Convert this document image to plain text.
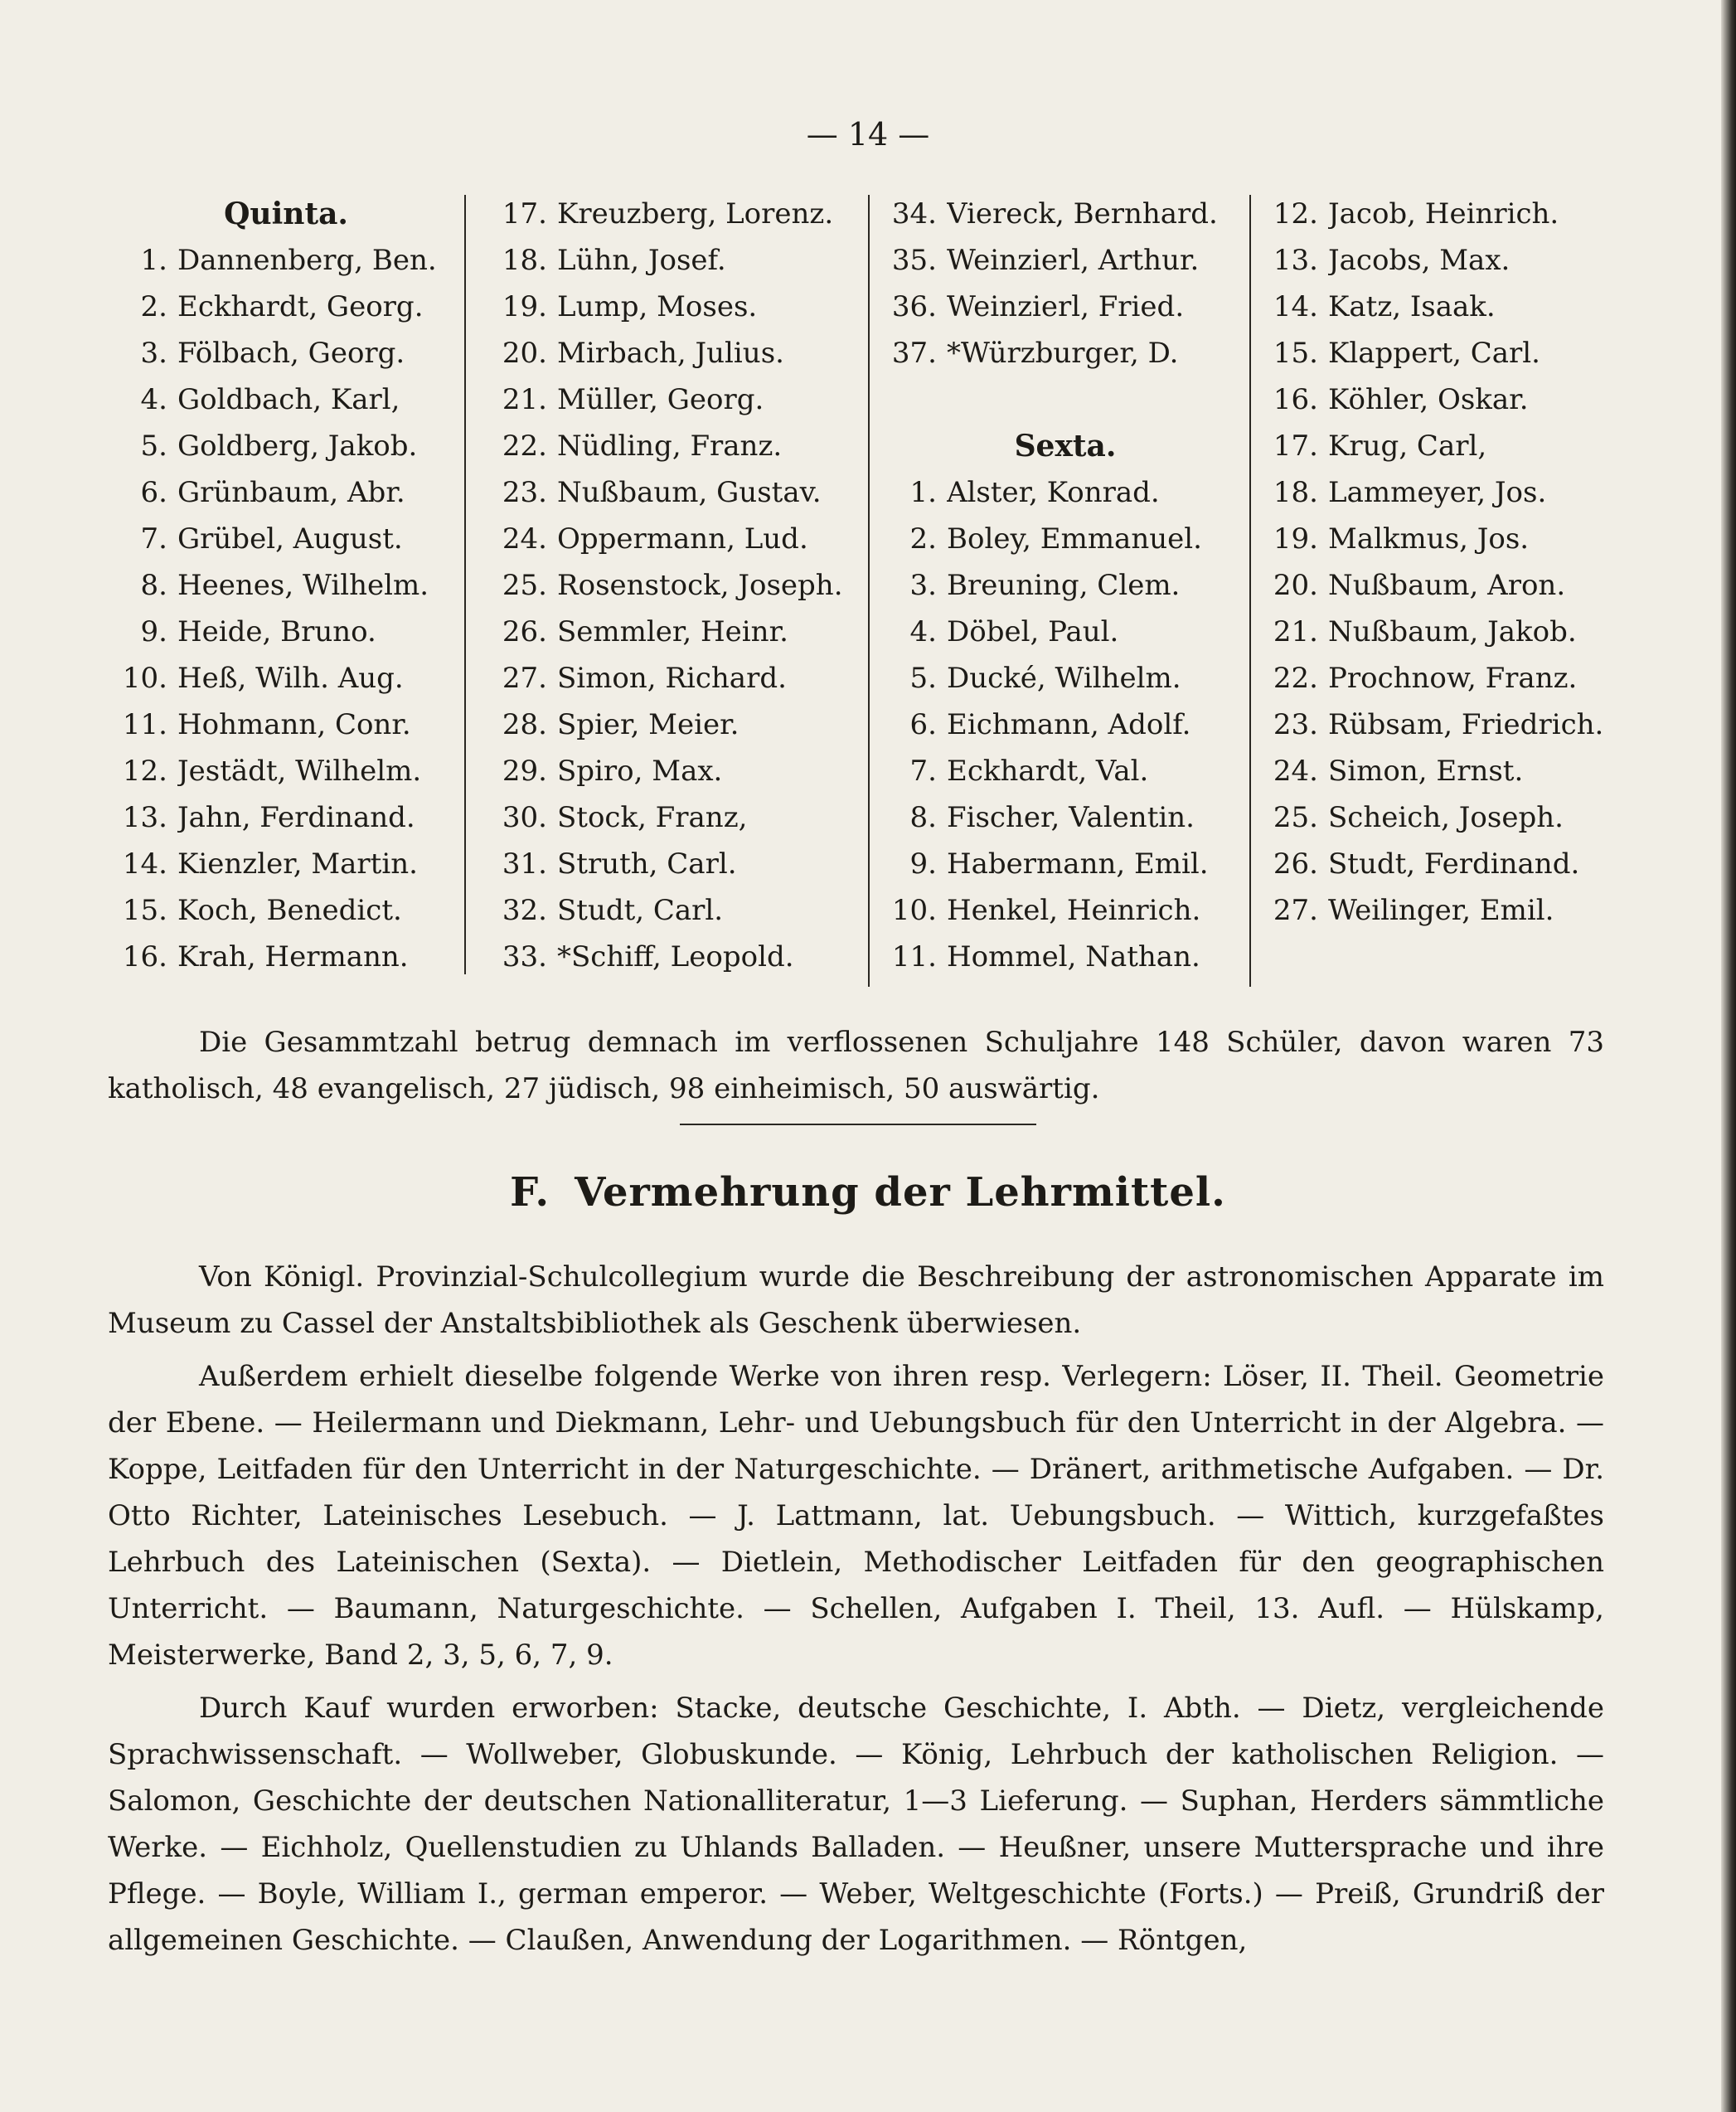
— 14 —
Quinta.
1. Dannenberg, Ben.
2. Eckhardt, Georg.
3. Fölbach, Georg.
4. Goldbach, Karl,
5. Goldberg, Jakob.
6. Grünbaum, Abr.
7. Grübel, August.
8. Heenes, Wilhelm.
9. Heide, Bruno.
10. Heß, Wilh. Aug.
11. Hohmann, Conr.
12. Jestädt, Wilhelm.
13. Jahn, Ferdinand.
14. Kienzler, Martin.
15. Koch, Benedict.
16. Krah, Hermann.
17. Kreuzberg, Lorenz.
18. Lühn, Josef.
19. Lump, Moses.
20. Mirbach, Julius.
21. Müller, Georg.
22. Nüdling, Franz.
23. Nußbaum, Gustav.
24. Oppermann, Lud.
25. Rosenstock, Joseph.
26. Semmler, Heinr.
27. Simon, Richard.
28. Spier, Meier.
29. Spiro, Max.
30. Stock, Franz,
31. Struth, Carl.
32. Studt, Carl.
33. *Schiff, Leopold.
34. Viereck, Bernhard.
35. Weinzierl, Arthur.
36. Weinzierl, Fried.
37. *Würzburger, D.
Sexta.
1. Alster, Konrad.
2. Boley, Emmanuel.
3. Breuning, Clem.
4. Döbel, Paul.
5. Ducké, Wilhelm.
6. Eichmann, Adolf.
7. Eckhardt, Val.
8. Fischer, Valentin.
9. Habermann, Emil.
10. Henkel, Heinrich.
11. Hommel, Nathan.
12. Jacob, Heinrich.
13. Jacobs, Max.
14. Katz, Isaak.
15. Klappert, Carl.
16. Köhler, Oskar.
17. Krug, Carl,
18. Lammeyer, Jos.
19. Malkmus, Jos.
20. Nußbaum, Aron.
21. Nußbaum, Jakob.
22. Prochnow, Franz.
23. Rübsam, Friedrich.
24. Simon, Ernst.
25. Scheich, Joseph.
26. Studt, Ferdinand.
27. Weilinger, Emil.

Die Gesammtzahl betrug demnach im verflossenen Schuljahre 148 Schüler, davon waren 73 katholisch, 48 evangelisch, 27 jüdisch, 98 einheimisch, 50 auswärtig.

F. Vermehrung der Lehrmittel.

Von Königl. Provinzial-Schulcollegium wurde die Beschreibung der astronomischen Apparate im Museum zu Cassel der Anstaltsbibliothek als Geschenk überwiesen.

Außerdem erhielt dieselbe folgende Werke von ihren resp. Verlegern: Löser, II. Theil. Geometrie der Ebene. — Heilermann und Diekmann, Lehr- und Uebungsbuch für den Unterricht in der Algebra. — Koppe, Leitfaden für den Unterricht in der Naturgeschichte. — Dränert, arithmetische Aufgaben. — Dr. Otto Richter, Lateinisches Lesebuch. — J. Lattmann, lat. Uebungsbuch. — Wittich, kurzgefaßtes Lehrbuch des Lateinischen (Sexta). — Dietlein, Methodischer Leitfaden für den geographischen Unterricht. — Baumann, Naturgeschichte. — Schellen, Aufgaben I. Theil, 13. Aufl. — Hülskamp, Meisterwerke, Band 2, 3, 5, 6, 7, 9.

Durch Kauf wurden erworben: Stacke, deutsche Geschichte, I. Abth. — Dietz, vergleichende Sprachwissenschaft. — Wollweber, Globuskunde. — König, Lehrbuch der katholischen Religion. — Salomon, Geschichte der deutschen Nationalliteratur, 1—3 Lieferung. — Suphan, Herders sämmtliche Werke. — Eichholz, Quellenstudien zu Uhlands Balladen. — Heußner, unsere Muttersprache und ihre Pflege. — Boyle, William I., german emperor. — Weber, Weltgeschichte (Forts.) — Preiß, Grundriß der allgemeinen Geschichte. — Claußen, Anwendung der Logarithmen. — Röntgen,
